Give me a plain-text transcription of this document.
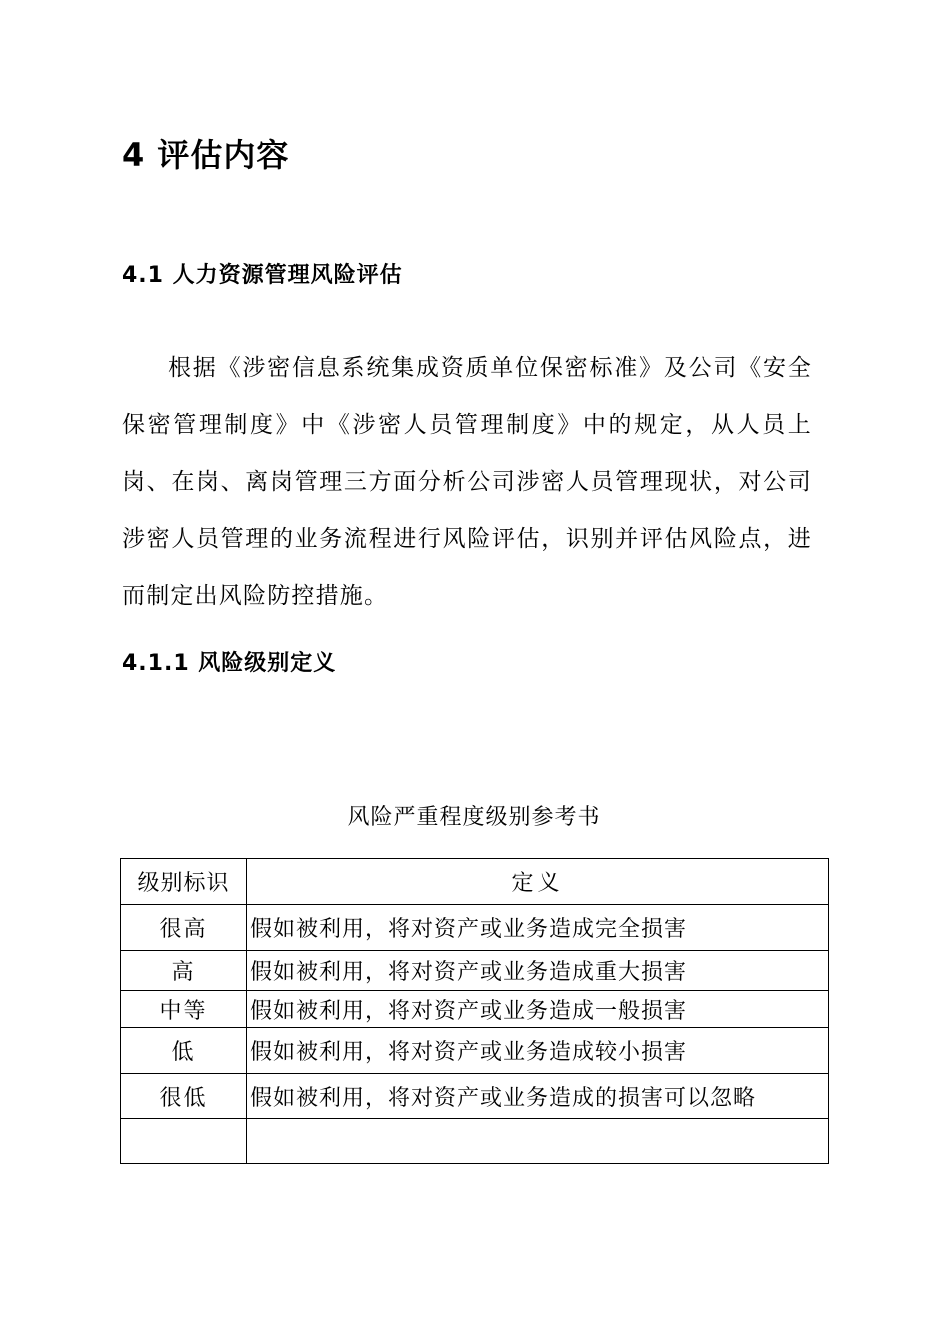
4 评估内容
4.1 人力资源管理风险评估

根据《涉密信息系统集成资质单位保密标准》及公司《安全保密管理制度》中《涉密人员管理制度》中的规定，从人员上岗、在岗、离岗管理三方面分析公司涉密人员管理现状，对公司涉密人员管理的业务流程进行风险评估，识别并评估风险点，进而制定出风险防控措施。

4.1.1 风险级别定义
风险严重程度级别参考书
级别标识	定义
很高	假如被利用，将对资产或业务造成完全损害
高	假如被利用，将对资产或业务造成重大损害
中等	假如被利用，将对资产或业务造成一般损害
低	假如被利用，将对资产或业务造成较小损害
很低	假如被利用，将对资产或业务造成的损害可以忽略
